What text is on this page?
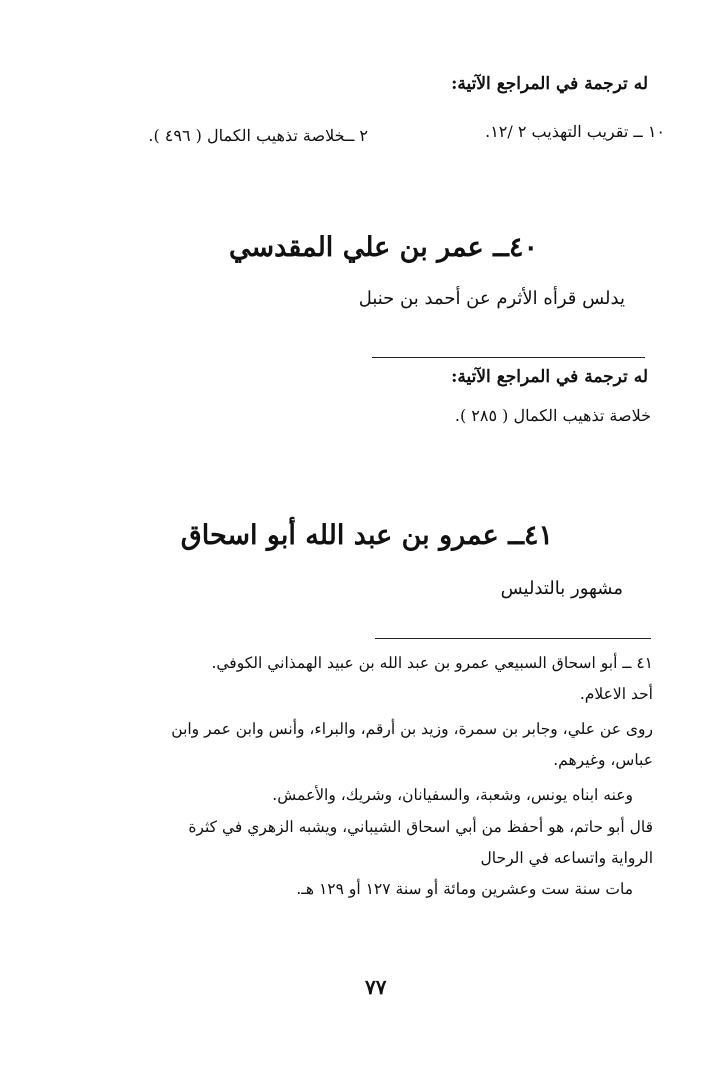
له ترجمة في المراجع الآتية:
١٠ ــ تقريب التهذيب ٢ /١٢.
٢ ــخلاصة تذهيب الكمال ( ٤٩٦ ).
٤٠ــ عمر بن علي المقدسي
يدلس قرأه الأثرم عن أحمد بن حنبل
له ترجمة في المراجع الآتية:
خلاصة تذهيب الكمال ( ٢٨٥ ).
٤١ــ عمرو بن عبد الله أبو اسحاق
مشهور بالتدليس
٤١ ــ أبو اسحاق السبيعي عمرو بن عبد الله بن عبيد الهمذاني الكوفي.
أحد الاعلام.
روى عن علي، وجابر بن سمرة، وزيد بن أرقم، والبراء، وأنس وابن عمر وابن
عباس، وغيرهم.
وعنه ابناه يونس، وشعبة، والسفيانان، وشريك، والأعمش.
قال أبو حاتم، هو أحفظ من أبي اسحاق الشيباني، ويشبه الزهري في كثرة
الرواية واتساعه في الرحال
مات سنة ست وعشرين ومائة أو سنة ١٢٧ أو ١٢٩ هـ.
٧٧
